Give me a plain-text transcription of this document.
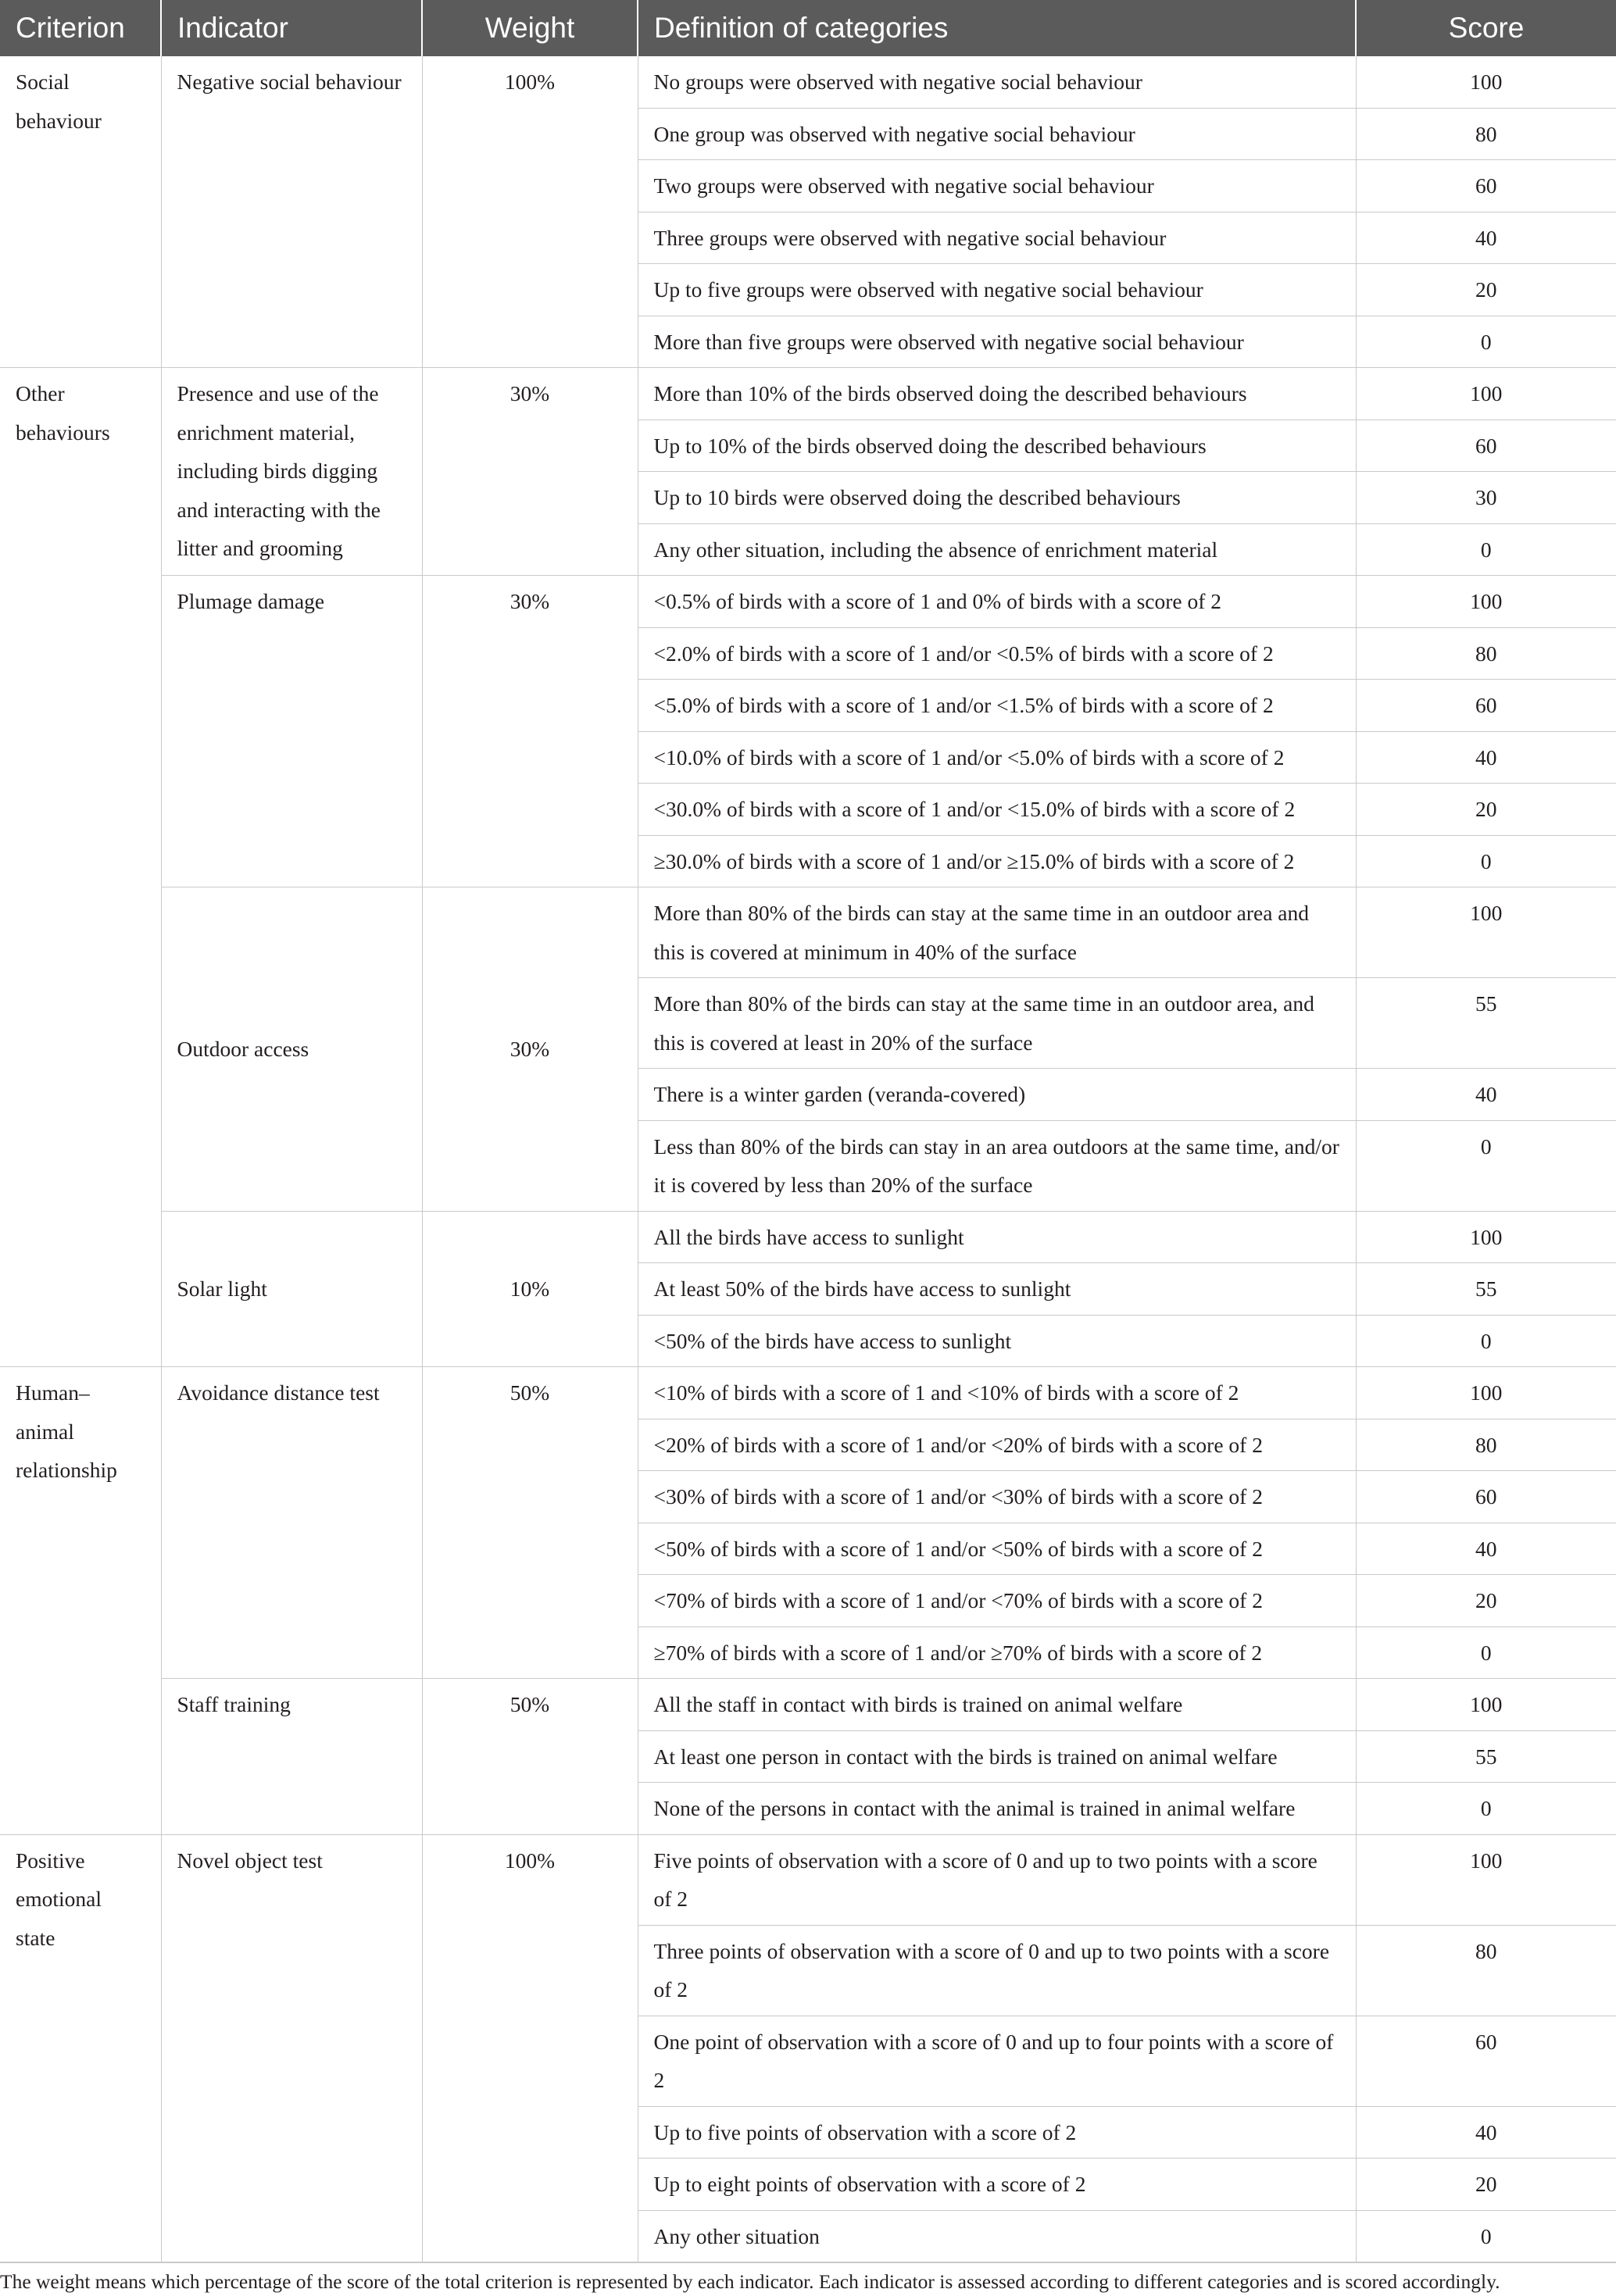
Criterion	Indicator	Weight	Definition of categories	Score
Social behaviour	Negative social behaviour	100%	No groups were observed with negative social behaviour	100
			One group was observed with negative social behaviour	80
			Two groups were observed with negative social behaviour	60
			Three groups were observed with negative social behaviour	40
			Up to five groups were observed with negative social behaviour	20
			More than five groups were observed with negative social behaviour	0
Other behaviours	Presence and use of the enrichment material, including birds digging and interacting with the litter and grooming	30%	More than 10% of the birds observed doing the described behaviours	100
			Up to 10% of the birds observed doing the described behaviours	60
			Up to 10 birds were observed doing the described behaviours	30
			Any other situation, including the absence of enrichment material	0
	Plumage damage	30%	<0.5% of birds with a score of 1 and 0% of birds with a score of 2	100
			<2.0% of birds with a score of 1 and/or <0.5% of birds with a score of 2	80
			<5.0% of birds with a score of 1 and/or <1.5% of birds with a score of 2	60
			<10.0% of birds with a score of 1 and/or <5.0% of birds with a score of 2	40
			<30.0% of birds with a score of 1 and/or <15.0% of birds with a score of 2	20
			≥30.0% of birds with a score of 1 and/or ≥15.0% of birds with a score of 2	0
	Outdoor access	30%	More than 80% of the birds can stay at the same time in an outdoor area and this is covered at minimum in 40% of the surface	100
			More than 80% of the birds can stay at the same time in an outdoor area, and this is covered at least in 20% of the surface	55
			There is a winter garden (veranda-covered)	40
			Less than 80% of the birds can stay in an area outdoors at the same time, and/or it is covered by less than 20% of the surface	0
	Solar light	10%	All the birds have access to sunlight	100
			At least 50% of the birds have access to sunlight	55
			<50% of the birds have access to sunlight	0
Human–animal relationship	Avoidance distance test	50%	<10% of birds with a score of 1 and <10% of birds with a score of 2	100
			<20% of birds with a score of 1 and/or <20% of birds with a score of 2	80
			<30% of birds with a score of 1 and/or <30% of birds with a score of 2	60
			<50% of birds with a score of 1 and/or <50% of birds with a score of 2	40
			<70% of birds with a score of 1 and/or <70% of birds with a score of 2	20
			≥70% of birds with a score of 1 and/or ≥70% of birds with a score of 2	0
	Staff training	50%	All the staff in contact with birds is trained on animal welfare	100
			At least one person in contact with the birds is trained on animal welfare	55
			None of the persons in contact with the animal is trained in animal welfare	0
Positive emotional state	Novel object test	100%	Five points of observation with a score of 0 and up to two points with a score of 2	100
			Three points of observation with a score of 0 and up to two points with a score of 2	80
			One point of observation with a score of 0 and up to four points with a score of 2	60
			Up to five points of observation with a score of 2	40
			Up to eight points of observation with a score of 2	20
			Any other situation	0

The weight means which percentage of the score of the total criterion is represented by each indicator. Each indicator is assessed according to different categories and is scored accordingly.
